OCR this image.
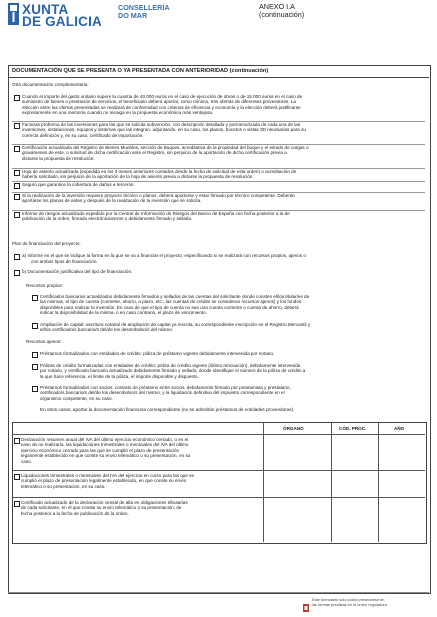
XUNTA
DE GALICIA
CONSELLERÍA
DO MAR
ANEXO I.A
(continuación)
DOCUMENTACIÓN QUE SE PRESENTA O YA PRESENTADA CON ANTERIORIDAD (continuación)
Otra documentación complementaria:
Cuando el importe del gasto unitario supere la cuantía de 40.000 euros en el caso de ejecución de obras o de 15.000 euros en el caso de
suministro de bienes o prestación de servicios, el beneficiario deberá aportar, como mínimo, tres ofertas de diferentes proveedores. La
elección entre las ofertas presentadas se realizará de conformidad con criterios de eficiencia y economía y la elección deberá justificarse
expresamente en una memoria cuando no recaiga en la propuesta económica más ventajosa.
Facturas proforma de las inversiones para las que se solicita subvención, con descripción detallada y pormenorizada de cada una de las
inversiones, instalaciones, equipos y sistemas que las integran, adjuntando, en su caso, los planos, bocetos o vistas 3D necesarios para su
correcta definición y, en su caso, certificado de importación.
Certificación actualizada del Registro de Bienes Muebles, sección de Buques, acreditativa de la propiedad del buque y el estado de cargas o
gravámenes de este, o solicitud de dicha certificación ante el Registro, sin perjuicio de la aportación de dicha certificación previa a
dictarse la propuesta de resolución.
Hoja de asiento actualizada (expedida en los 3 meses anteriores contados desde la fecha de solicitud de esta orden) o acreditación de
haberla solicitado, sin perjuicio de la aportación de la hoja de asiento previa a dictarse la propuesta de resolución.
Seguro que garantice la cobertura de daños a terceros.
Si la realización de la inversión requiere proyecto técnico o planos, deberá aportarse y estar firmado por técnico competente. Deberán
aportarse los planos de antes y después de la realización de la inversión que se solicita.
Informe de riesgos actualizado expedido por la Central de Información de Riesgos del Banco de España con fecha posterior a la de
publicación de la orden, firmado electrónicamente o debidamente firmado y sellado.
Plan de financiación del proyecto:
a) Informe en el que se indique la forma en la que se va a financiar el proyecto, especificando si se realizará con recursos propios, ajenos o
con ambos tipos de financiación.
b) Documentación justificativa del tipo de financiación:
Recursos propios:
Certificados bancarios actualizados debidamente firmados y sellados de las cuentas del solicitante donde consten el/los titular/es de
las mismas, el tipo de cuenta (corriente, ahorro, a plazo, etc.; las cuentas de crédito se consideran recursos ajenos) y los fondos
disponibles para realizar la inversión. En caso de que el tipo de cuenta no sea una cuenta corriente o cuenta de ahorro, deberá
indicar la disponibilidad de la misma, o en caso contrario, el plazo de vencimiento.
Ampliación de capital: escritura notarial de ampliación de capital ya inscrita, su correspondiente inscripción en el Registro Mercantil y
el/los certificado/s bancario/s del/de los desembolso/s del mismo.
Recursos ajenos:
Préstamos formalizados con entidades de crédito: póliza de préstamo vigente debidamente intervenida por notario.
Pólizas de crédito formalizadas con entidades de crédito: póliza de crédito vigente (último renovación), debidamente intervenida
por notario, y certificado bancario actualizado debidamente firmado y sellado, donde identifique el número de la póliza de crédito a
la que hace referencia, el límite de la póliza, el importe disponible y dispuesto.
Préstamos formalizados con socios: contrato de préstamo entre socios, debidamente firmado por prestamista y prestatario,
certificado/s bancario/s del/de los desembolso/s del mismo, y la liquidación definitiva del impuesto correspondiente en el
organismo competente, en su caso.
En otros casos, aportar la documentación financiera correspondiente (no se admitirán préstamos de entidades proveedoras).
ÓRGANO	CÓD. PROC.	AÑO
Declaración resumen anual del IVA del último ejercicio económico cerrado, o en el
caso de no realizarla, las liquidaciones trimestrales o mensuales del IVA del último
ejercicio económico cerrado para las que se cumplió el plazo de presentación
legalmente establecido en que conste su envío telemático o su presentación, en su
caso.
Liquidaciones trimestrales o mensuales del IVA del ejercicio en curso para las que se
cumplió el plazo de presentación legalmente establecido, en que conste su envío
telemático o su presentación, en su caso.
Certificado actualizado de la declaración censal de alta en obligaciones tributarias
de cada solicitante, en el que conste su envío telemático o su presentación, de
fecha posterior a la fecha de publicación de la orden.
Este formulario solo podrá presentarse en
las formas previstas en la orden reguladora
